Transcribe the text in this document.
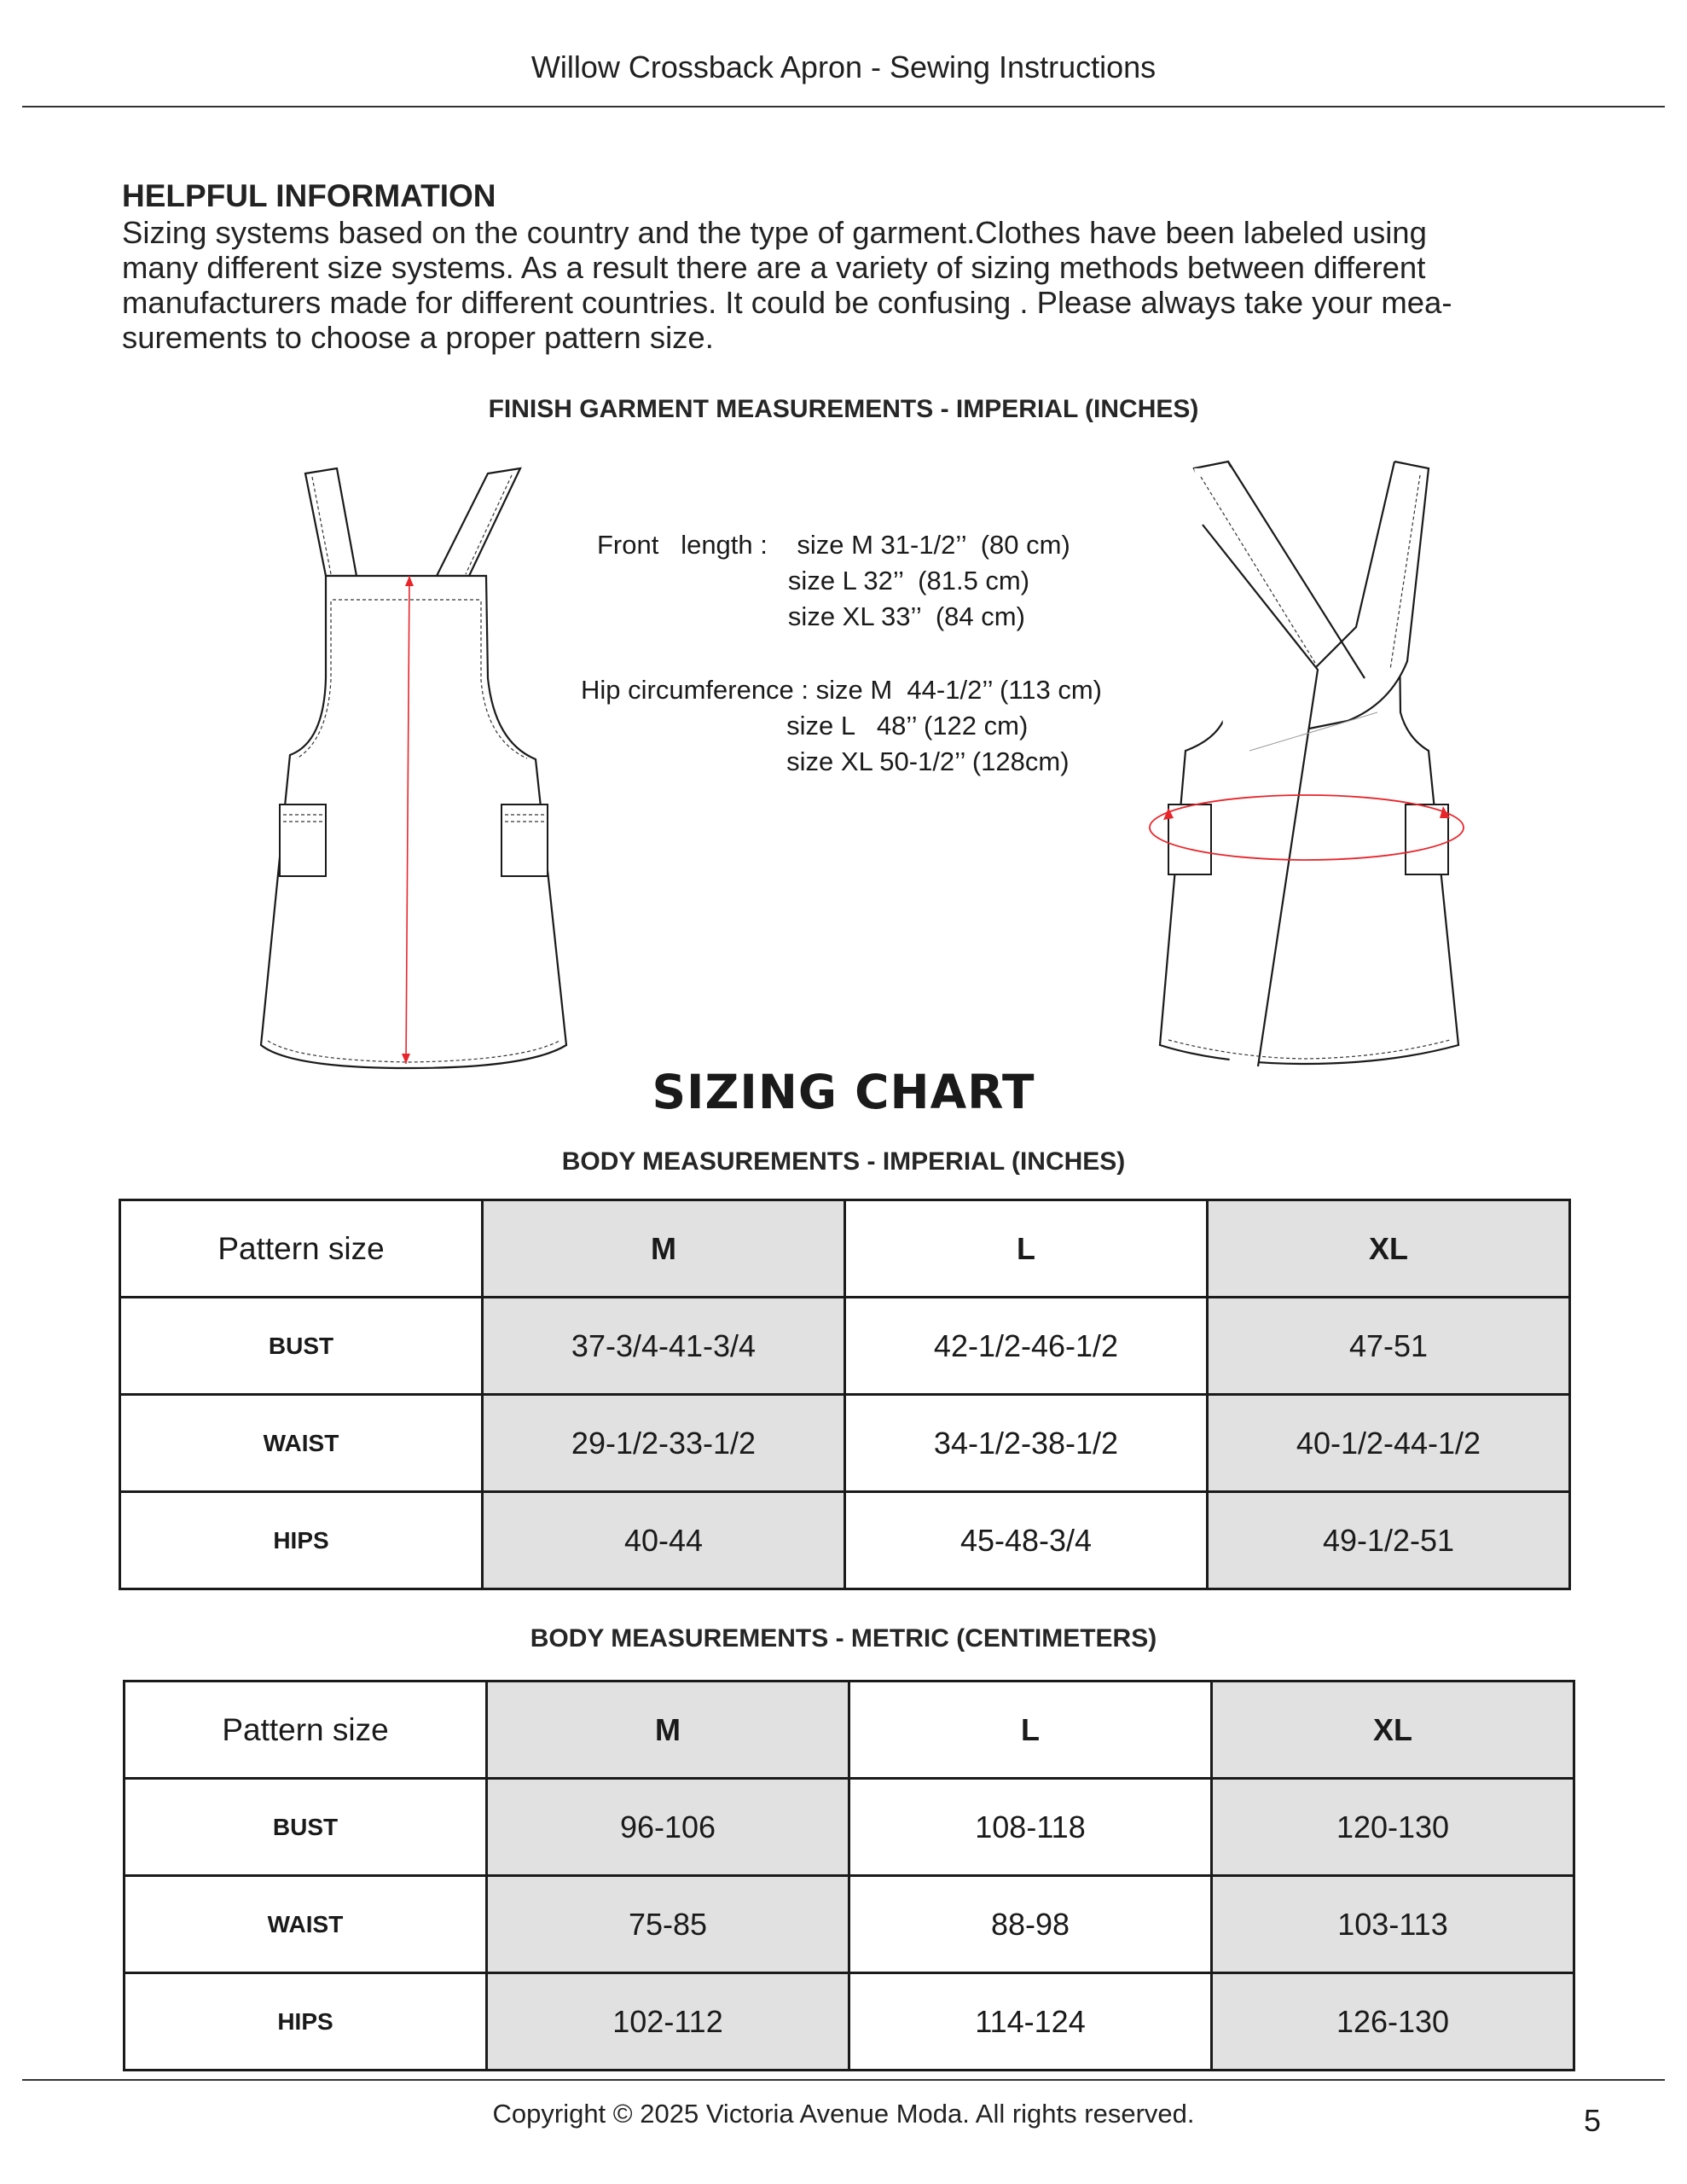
Willow Crossback Apron - Sewing Instructions
HELPFUL INFORMATION

Sizing systems based on the country and the type of garment.Clothes have been labeled using
many different size systems. As a result there are a variety of sizing methods between different
manufacturers made for different countries. It could be confusing . Please always take your mea-
surements to choose a proper pattern size.

FINISH GARMENT MEASUREMENTS - IMPERIAL (INCHES)
Front   length :    size M 31-1/2’’  (80 cm)
size L 32’’  (81.5 cm)
size XL 33’’  (84 cm)
Hip circumference : size M  44-1/2’’ (113 cm)
size L   48’’ (122 cm)
size XL 50-1/2’’ (128cm)
SIZING CHART
BODY MEASUREMENTS - IMPERIAL (INCHES)
Pattern size	M	L	XL
BUST	37-3/4-41-3/4	42-1/2-46-1/2	47-51
WAIST	29-1/2-33-1/2	34-1/2-38-1/2	40-1/2-44-1/2
HIPS	40-44	45-48-3/4	49-1/2-51
BODY MEASUREMENTS - METRIC (CENTIMETERS)
Pattern size	M	L	XL
BUST	96-106	108-118	120-130
WAIST	75-85	88-98	103-113
HIPS	102-112	114-124	126-130
Copyright © 2025 Victoria Avenue Moda. All rights reserved.	5
